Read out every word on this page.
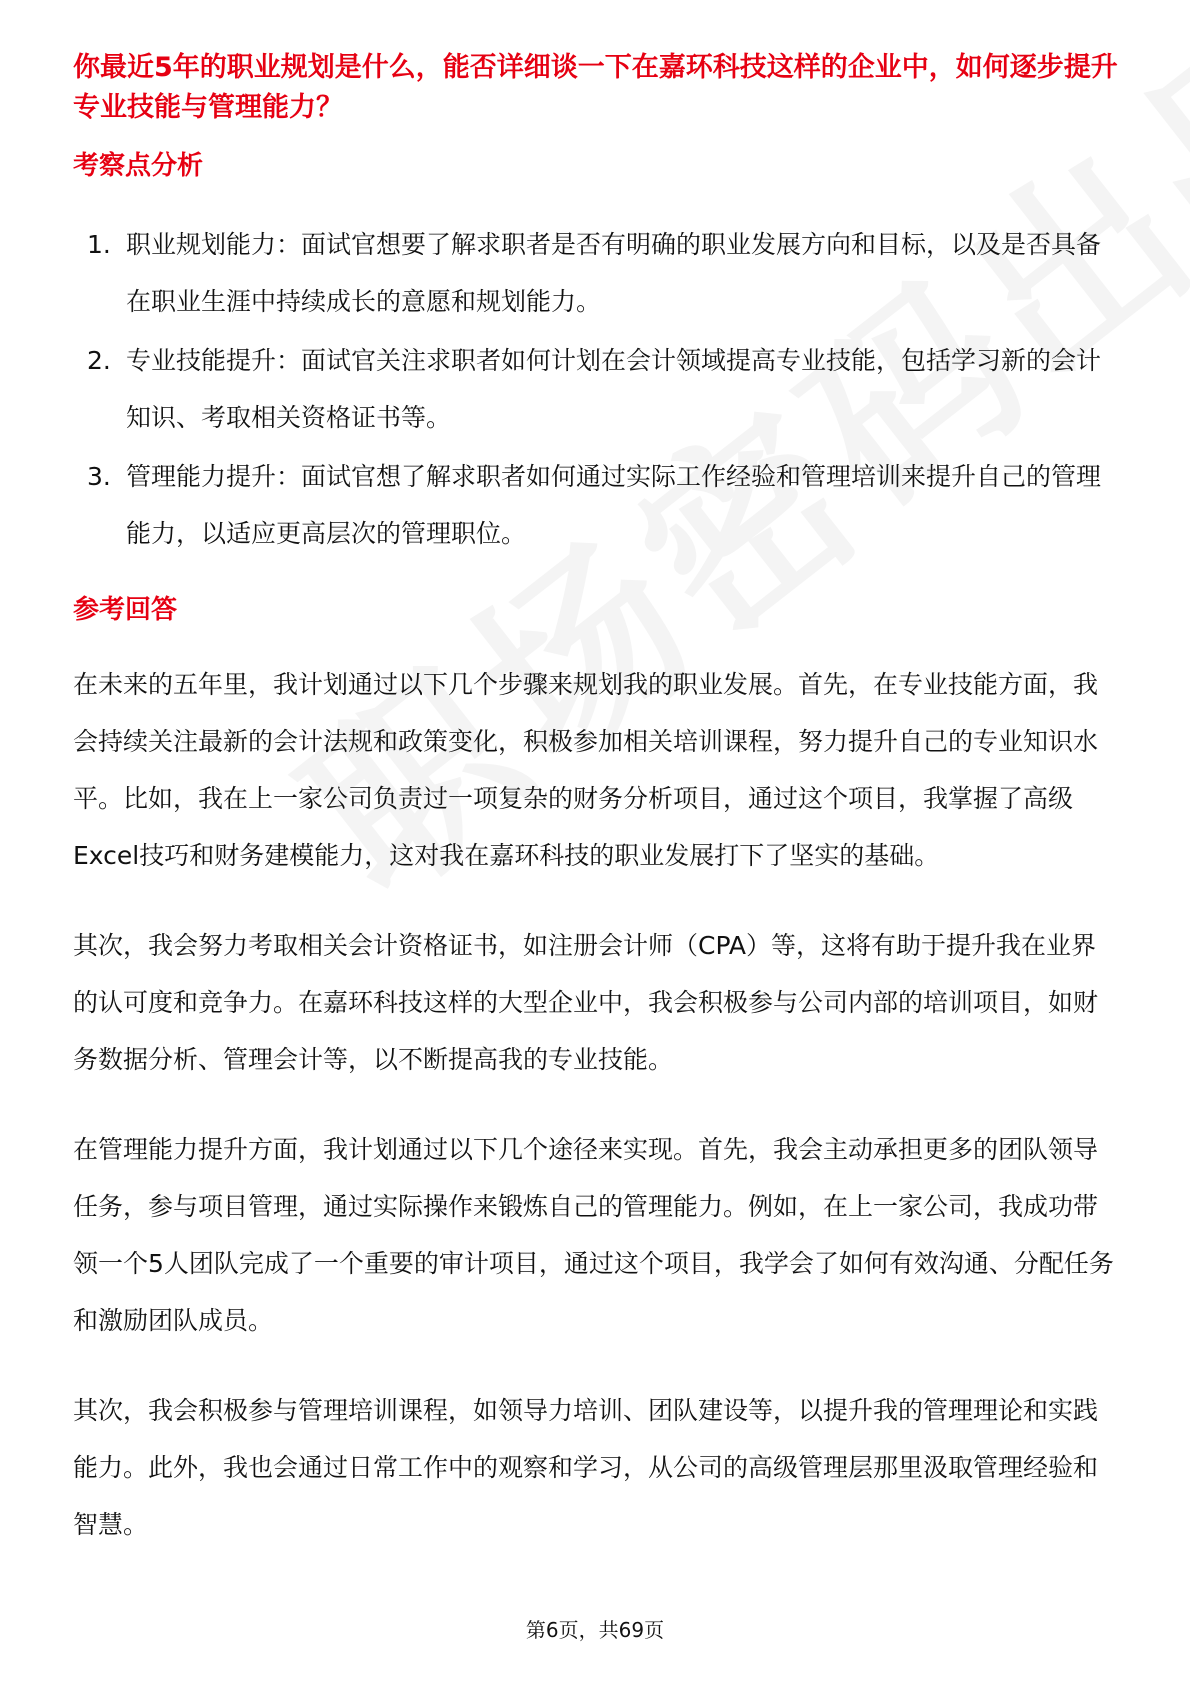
你最近5年的职业规划是什么，能否详细谈一下在嘉环科技这样的企业中，如何逐步提升专业技能与管理能力？

考察点分析

1. 职业规划能力：面试官想要了解求职者是否有明确的职业发展方向和目标，以及是否具备在职业生涯中持续成长的意愿和规划能力。
2. 专业技能提升：面试官关注求职者如何计划在会计领域提高专业技能，包括学习新的会计知识、考取相关资格证书等。
3. 管理能力提升：面试官想了解求职者如何通过实际工作经验和管理培训来提升自己的管理能力，以适应更高层次的管理职位。

参考回答

在未来的五年里，我计划通过以下几个步骤来规划我的职业发展。首先，在专业技能方面，我会持续关注最新的会计法规和政策变化，积极参加相关培训课程，努力提升自己的专业知识水平。比如，我在上一家公司负责过一项复杂的财务分析项目，通过这个项目，我掌握了高级Excel技巧和财务建模能力，这对我在嘉环科技的职业发展打下了坚实的基础。

其次，我会努力考取相关会计资格证书，如注册会计师（CPA）等，这将有助于提升我在业界的认可度和竞争力。在嘉环科技这样的大型企业中，我会积极参与公司内部的培训项目，如财务数据分析、管理会计等，以不断提高我的专业技能。

在管理能力提升方面，我计划通过以下几个途径来实现。首先，我会主动承担更多的团队领导任务，参与项目管理，通过实际操作来锻炼自己的管理能力。例如，在上一家公司，我成功带领一个5人团队完成了一个重要的审计项目，通过这个项目，我学会了如何有效沟通、分配任务和激励团队成员。

其次，我会积极参与管理培训课程，如领导力培训、团队建设等，以提升我的管理理论和实践能力。此外，我也会通过日常工作中的观察和学习，从公司的高级管理层那里汲取管理经验和智慧。

第6页，共69页
